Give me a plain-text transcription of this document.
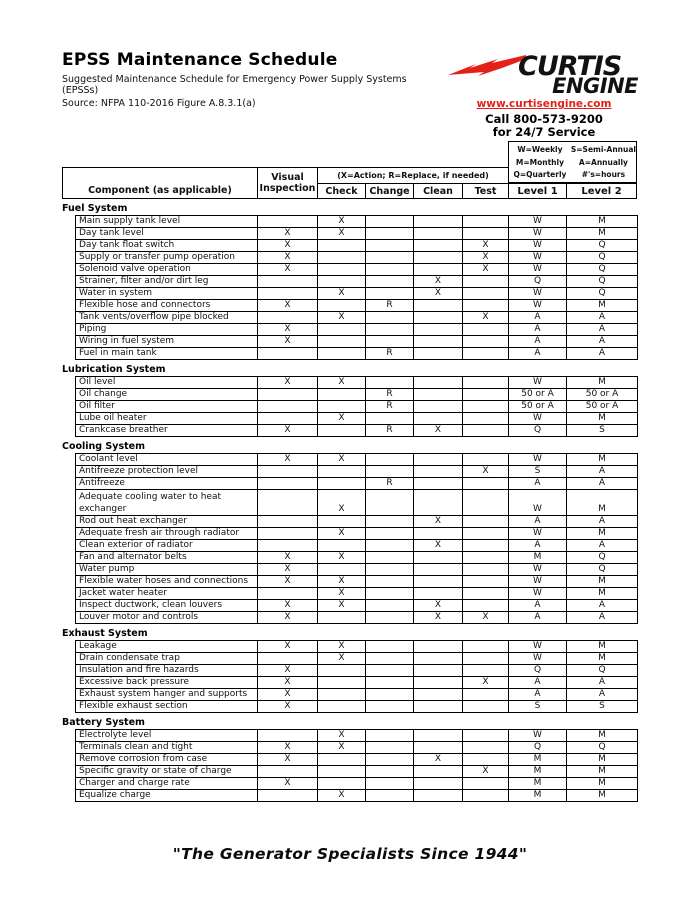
EPSS Maintenance Schedule

Suggested Maintenance Schedule for Emergency Power Supply Systems (EPSSs)

Source: NFPA 110-2016 Figure A.8.3.1(a)

CURTIS
ENGINE
www.curtisengine.com
Call 800-573-9200
for 24/7 Service
W=Weekly	S=Semi-Annual
M=Monthly	A=Annually
Q=Quarterly	#'s=hours
Component (as applicable)
Visual
Inspection
(X=Action; R=Replace, if needed)
Check	Change	Clean	Test	Level 1	Level 2
Fuel System
Main supply tank level		X				W	M
Day tank level	X	X				W	M
Day tank float switch	X				X	W	Q
Supply or transfer pump operation	X				X	W	Q
Solenoid valve operation	X				X	W	Q
Strainer, filter and/or dirt leg				X		Q	Q
Water in system		X		X		W	Q
Flexible hose and connectors	X		R			W	M
Tank vents/overflow pipe blocked		X			X	A	A
Piping	X					A	A
Wiring in fuel system	X					A	A
Fuel in main tank			R			A	A
Lubrication System
Oil level	X	X				W	M
Oil change			R			50 or A	50 or A
Oil filter			R			50 or A	50 or A
Lube oil heater		X				W	M
Crankcase breather	X		R	X		Q	S
Cooling System
Coolant level	X	X				W	M
Antifreeze protection level					X	S	A
Antifreeze			R			A	A
Adequate cooling water to heat exchanger		X				W	M
Rod out heat exchanger				X		A	A
Adequate fresh air through radiator		X				W	M
Clean exterior of radiator				X		A	A
Fan and alternator belts	X	X				M	Q
Water pump	X					W	Q
Flexible water hoses and connections	X	X				W	M
Jacket water heater		X				W	M
Inspect ductwork, clean louvers	X	X		X		A	A
Louver motor and controls	X			X	X	A	A
Exhaust System
Leakage	X	X				W	M
Drain condensate trap		X				W	M
Insulation and fire hazards	X					Q	Q
Excessive back pressure	X				X	A	A
Exhaust system hanger and supports	X					A	A
Flexible exhaust section	X					S	S
Battery System
Electrolyte level		X				W	M
Terminals clean and tight	X	X				Q	Q
Remove corrosion from case	X			X		M	M
Specific gravity or state of charge					X	M	M
Charger and charge rate	X					M	M
Equalize charge		X				M	M
"The Generator Specialists Since 1944"
